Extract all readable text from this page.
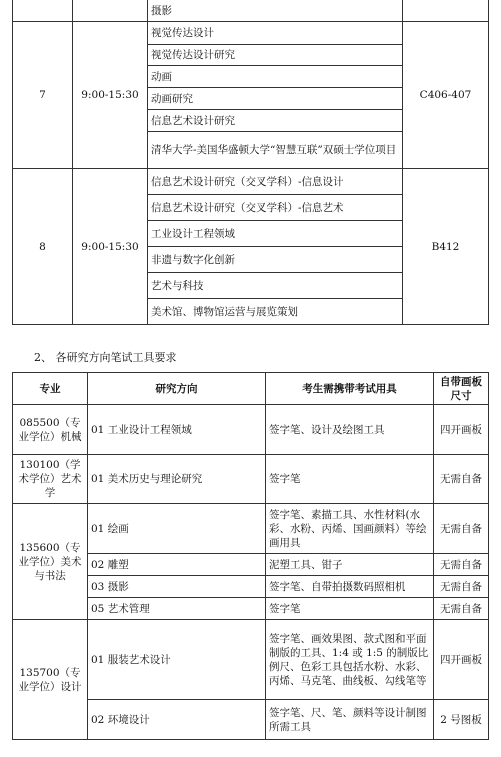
		摄影	
7	9:00-15:30	视觉传达设计	C406-407
		视觉传达设计研究	
		动画	
		动画研究	
		信息艺术设计研究	
		清华大学-美国华盛顿大学“智慧互联”双硕士学位项目	
8	9:00-15:30	信息艺术设计研究（交叉学科）-信息设计	B412
		信息艺术设计研究（交叉学科）-信息艺术	
		工业设计工程领域	
		非遗与数字化创新	
		艺术与科技	
		美术馆、博物馆运营与展览策划	
2、 各研究方向笔试工具要求
专业	研究方向	考生需携带考试用具	自带画板尺寸
085500（专业学位）机械	01 工业设计工程领域	签字笔、设计及绘图工具	四开画板
130100（学术学位）艺术学	01 美术历史与理论研究	签字笔	无需自备
135600（专业学位）美术与书法	01 绘画	签字笔、素描工具、水性材料(水彩、水粉、丙烯、国画颜料）等绘画用具	无需自备
	02 雕塑	泥塑工具、钳子	无需自备
	03 摄影	签字笔、自带拍摄数码照相机	无需自备
	05 艺术管理	签字笔	无需自备
135700（专业学位）设计	01 服装艺术设计	签字笔、画效果图、款式图和平面制版的工具、1:4 或 1:5 的制版比例尺、色彩工具包括水粉、水彩、丙烯、马克笔、曲线板、勾线笔等	四开画板
	02 环境设计	签字笔、尺、笔、颜料等设计制图所需工具	2 号图板
